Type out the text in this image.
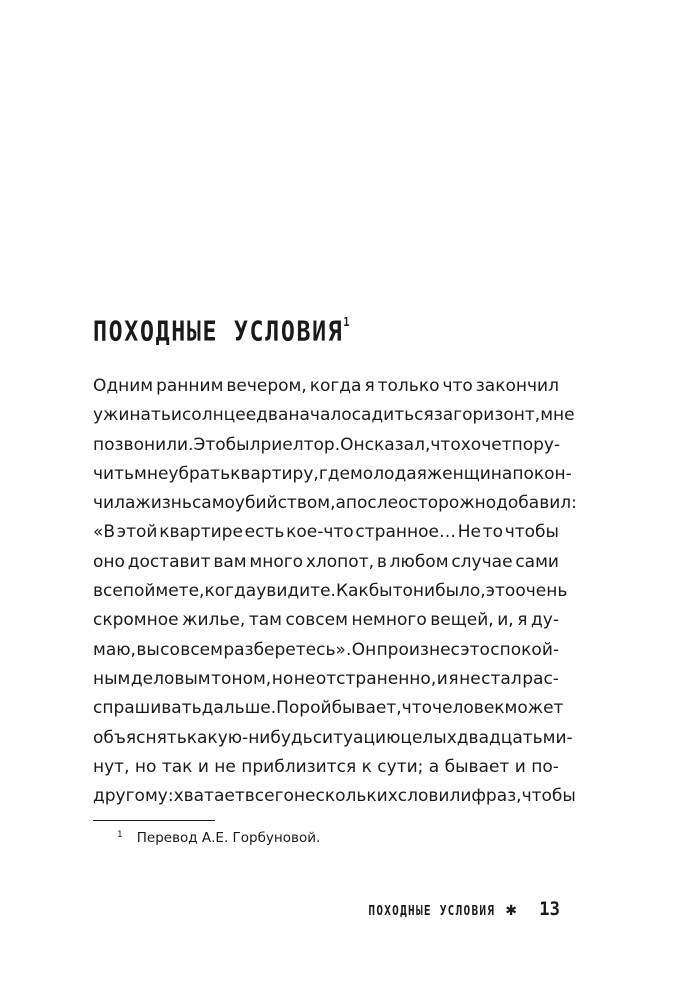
ПОХОДНЫЕ УСЛОВИЯ$^1$
Одним ранним вечером, когда я только что закончил
ужинать и солнце едва начало садиться за горизонт, мне
позвонили. Это был риелтор. Он сказал, что хочет пору-
чить мне убрать квартиру, где молодая женщина покон-
чила жизнь самоубийством, а после осторожно добавил:
«В этой квартире есть кое-что странное… Не то чтобы
оно доставит вам много хлопот, в любом случае сами
все поймете, когда увидите. Как бы то ни было, это очень
скромное жилье, там совсем немного вещей, и, я ду-
маю, вы со всем разберетесь». Он произнес это спокой-
ным деловым тоном, но не отстраненно, и я не стал рас-
спрашивать дальше. Порой бывает, что человек может
объяснять какую-нибудь ситуацию целых двадцать ми-
нут, но так и не приблизится к сути; а бывает и по-
другому: хватает всего нескольких слов или фраз, чтобы
$^1$ Перевод А.Е. Горбуновой.
ПОХОДНЫЕ УСЛОВИЯ ✱ 13
